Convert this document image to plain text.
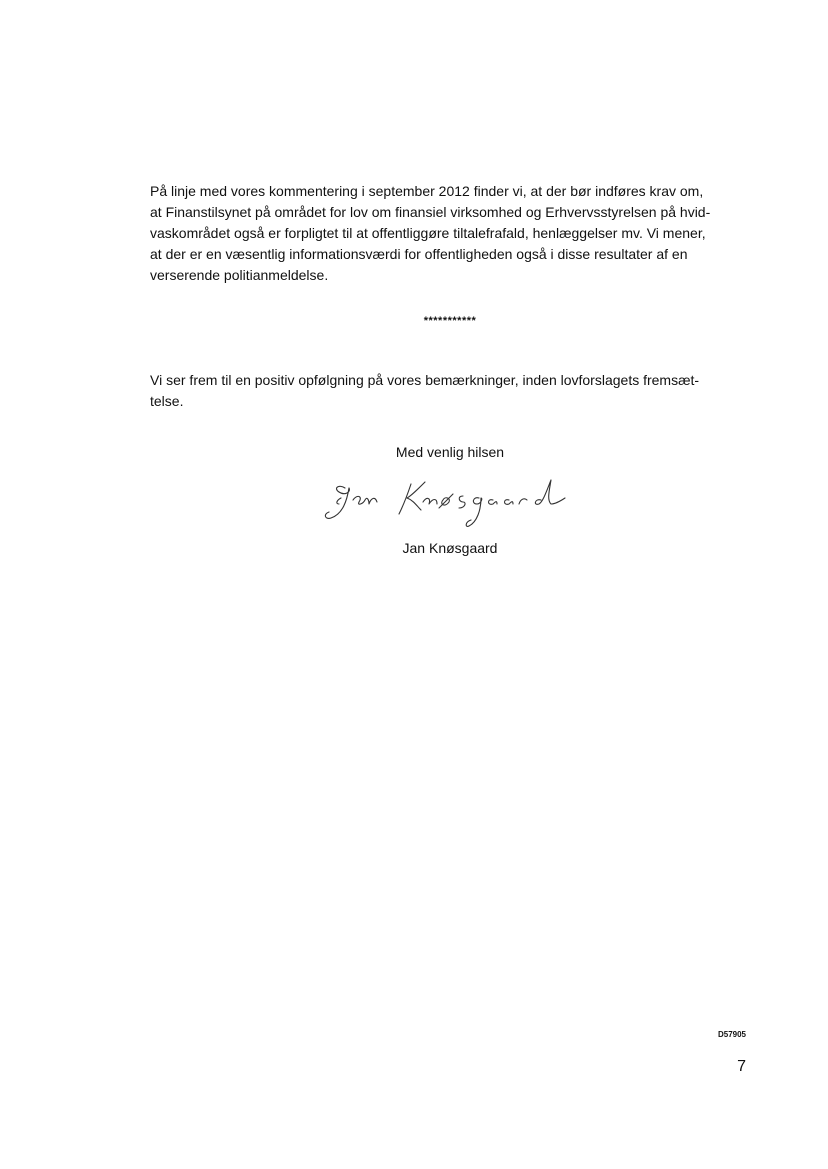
På linje med vores kommentering i september 2012 finder vi, at der bør indføres krav om,
at Finanstilsynet på området for lov om finansiel virksomhed og Erhvervsstyrelsen på hvid-
vaskområdet også er forpligtet til at offentliggøre tiltalefrafald, henlæggelser mv. Vi mener,
at der er en væsentlig informationsværdi for offentligheden også i disse resultater af en
verserende politianmeldelse.
***********
Vi ser frem til en positiv opfølgning på vores bemærkninger, inden lovforslagets fremsæt-
telse.
Med venlig hilsen
Jan Knøsgaard
D57905
7
